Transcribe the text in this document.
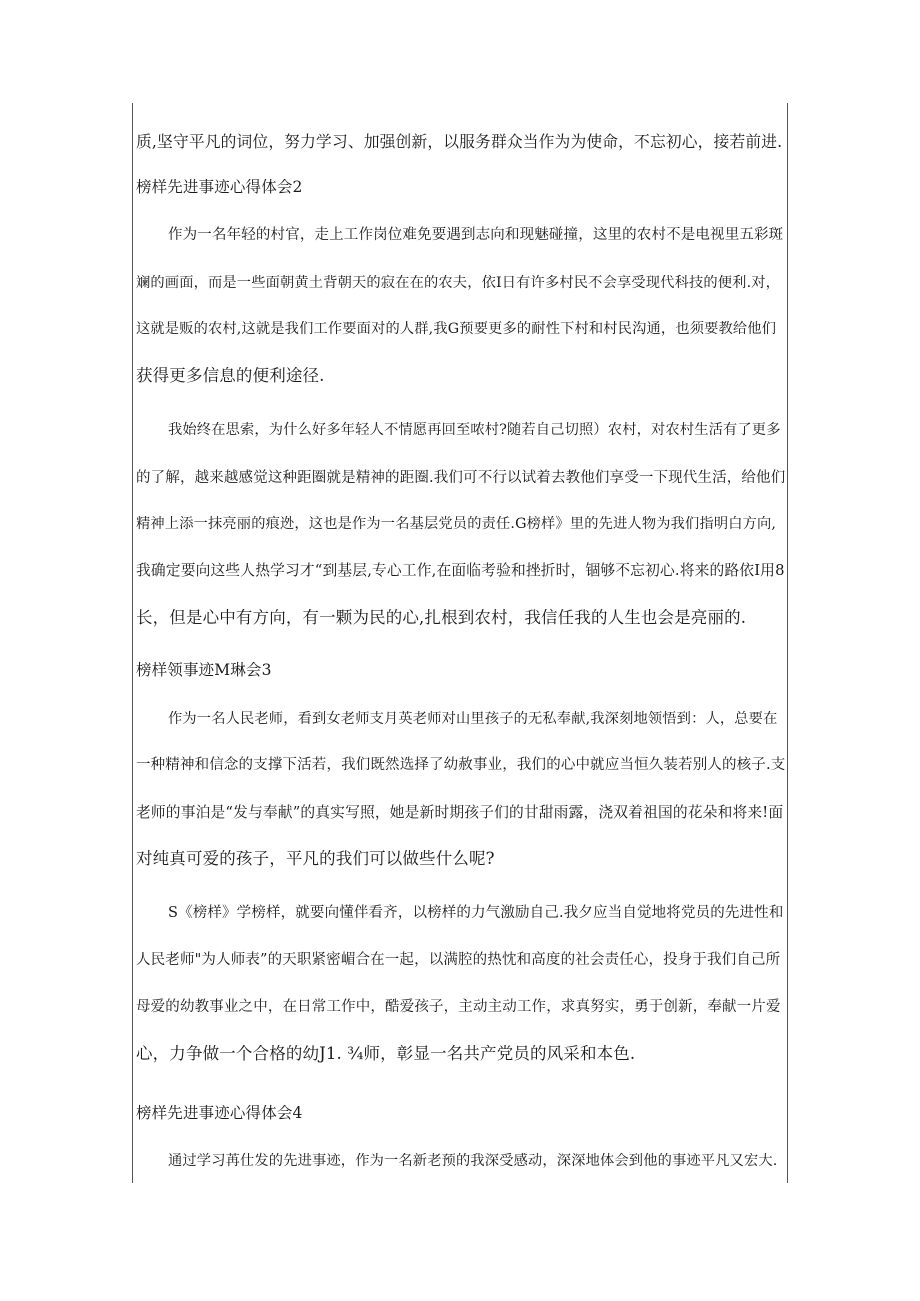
质,坚守平凡的词位，努力学习、加强创新，以服务群众当作为为使命，不忘初心，接若前进.
榜样先进事迹心得体会2
作为一名年轻的村官，走上工作岗位难免要遇到志向和现魅碰撞，这里的农村不是电视里五彩斑
斓的画面，而是一些面朝黄土背朝天的寂在在的农夫，依I日有许多村民不会享受现代科技的便利.对，
这就是贩的农村,这就是我们工作要面对的人群,我G预要更多的耐性下村和村民沟通，也须要教给他们
获得更多信息的便利途径.
我始终在思索，为什么好多年轻人不情愿再回至哝村?随若自己切照）农村，对农村生活有了更多
的了解，越来越感觉这种距圈就是精神的距圈.我们可不行以试着去教他们享受一下现代生活，给他们
精神上添一抹亮丽的痕迯，这也是作为一名基层党员的责任.G榜样》里的先进人物为我们指明白方向,
我确定要向这些人热学习才“到基层,专心工作,在面临考验和挫折时，锢够不忘初心.将来的路依I用8
长，但是心中有方向，有一颗为民的心,扎根到农村，我信任我的人生也会是亮丽的.
榜样领事迹M琳会3
作为一名人民老师，看到女老师支月英老师对山里孩子的无私奉献,我深刻地领悟到：人，总要在
一种精神和信念的支撑下活若，我们既然选择了幼赦事业，我们的心中就应当恒久装若别人的核子.支
老师的事泊是“发与奉献”的真实写照，她是新时期孩子们的甘甜雨露，浇双着祖国的花朵和将来!面
对纯真可爱的孩子，平凡的我们可以做些什么呢?
S《榜样》学榜样，就要向懂伴看齐，以榜样的力气激励自己.我夕应当自觉地将党员的先进性和
人民老师"为人师表”的天职紧密嵋合在一起，以满腔的热忱和高度的社会责任心，投身于我们自己所
母爱的幼教事业之中，在日常工作中，酷爱孩子，主动主动工作，求真努实，勇于创新，奉献一片爱
心，力争做一个合格的幼J1. ¾师，彰显一名共产党员的风采和本色.
榜样先进事迹心得体会4
通过学习苒仕发的先进事迹，作为一名新老预的我深受感动，深深地体会到他的事迹平凡又宏大.
